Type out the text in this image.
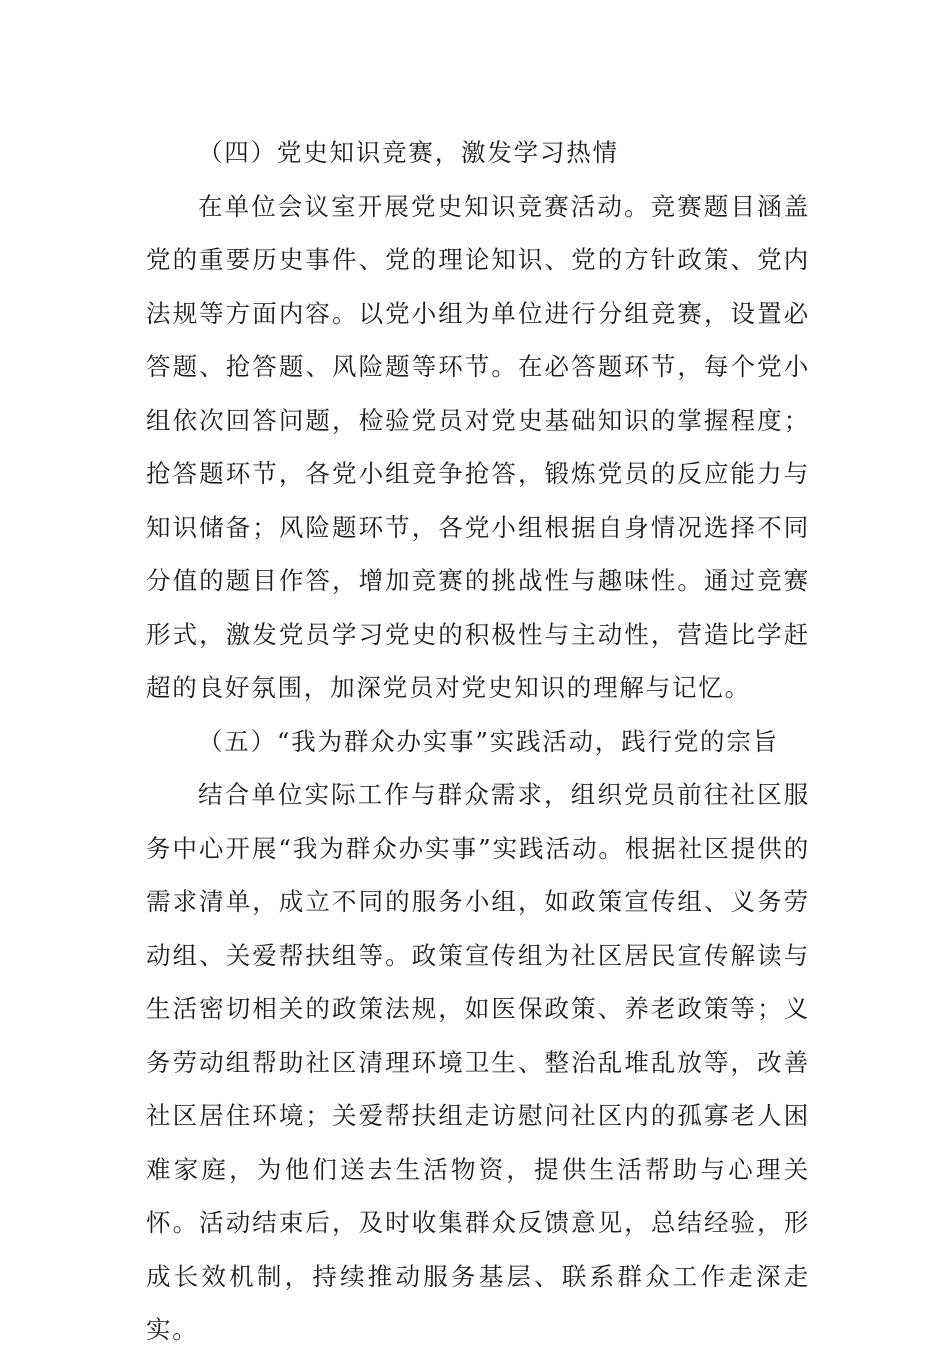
（四）党史知识竞赛，激发学习热情

在单位会议室开展党史知识竞赛活动。竞赛题目涵盖党的重要历史事件、党的理论知识、党的方针政策、党内法规等方面内容。以党小组为单位进行分组竞赛，设置必答题、抢答题、风险题等环节。在必答题环节，每个党小组依次回答问题，检验党员对党史基础知识的掌握程度；抢答题环节，各党小组竞争抢答，锻炼党员的反应能力与知识储备；风险题环节，各党小组根据自身情况选择不同分值的题目作答，增加竞赛的挑战性与趣味性。通过竞赛形式，激发党员学习党史的积极性与主动性，营造比学赶超的良好氛围，加深党员对党史知识的理解与记忆。

（五）“我为群众办实事”实践活动，践行党的宗旨

结合单位实际工作与群众需求，组织党员前往社区服务中心开展“我为群众办实事”实践活动。根据社区提供的需求清单，成立不同的服务小组，如政策宣传组、义务劳动组、关爱帮扶组等。政策宣传组为社区居民宣传解读与生活密切相关的政策法规，如医保政策、养老政策等；义务劳动组帮助社区清理环境卫生、整治乱堆乱放等，改善社区居住环境；关爱帮扶组走访慰问社区内的孤寡老人困难家庭，为他们送去生活物资，提供生活帮助与心理关怀。活动结束后，及时收集群众反馈意见，总结经验，形成长效机制，持续推动服务基层、联系群众工作走深走实。
